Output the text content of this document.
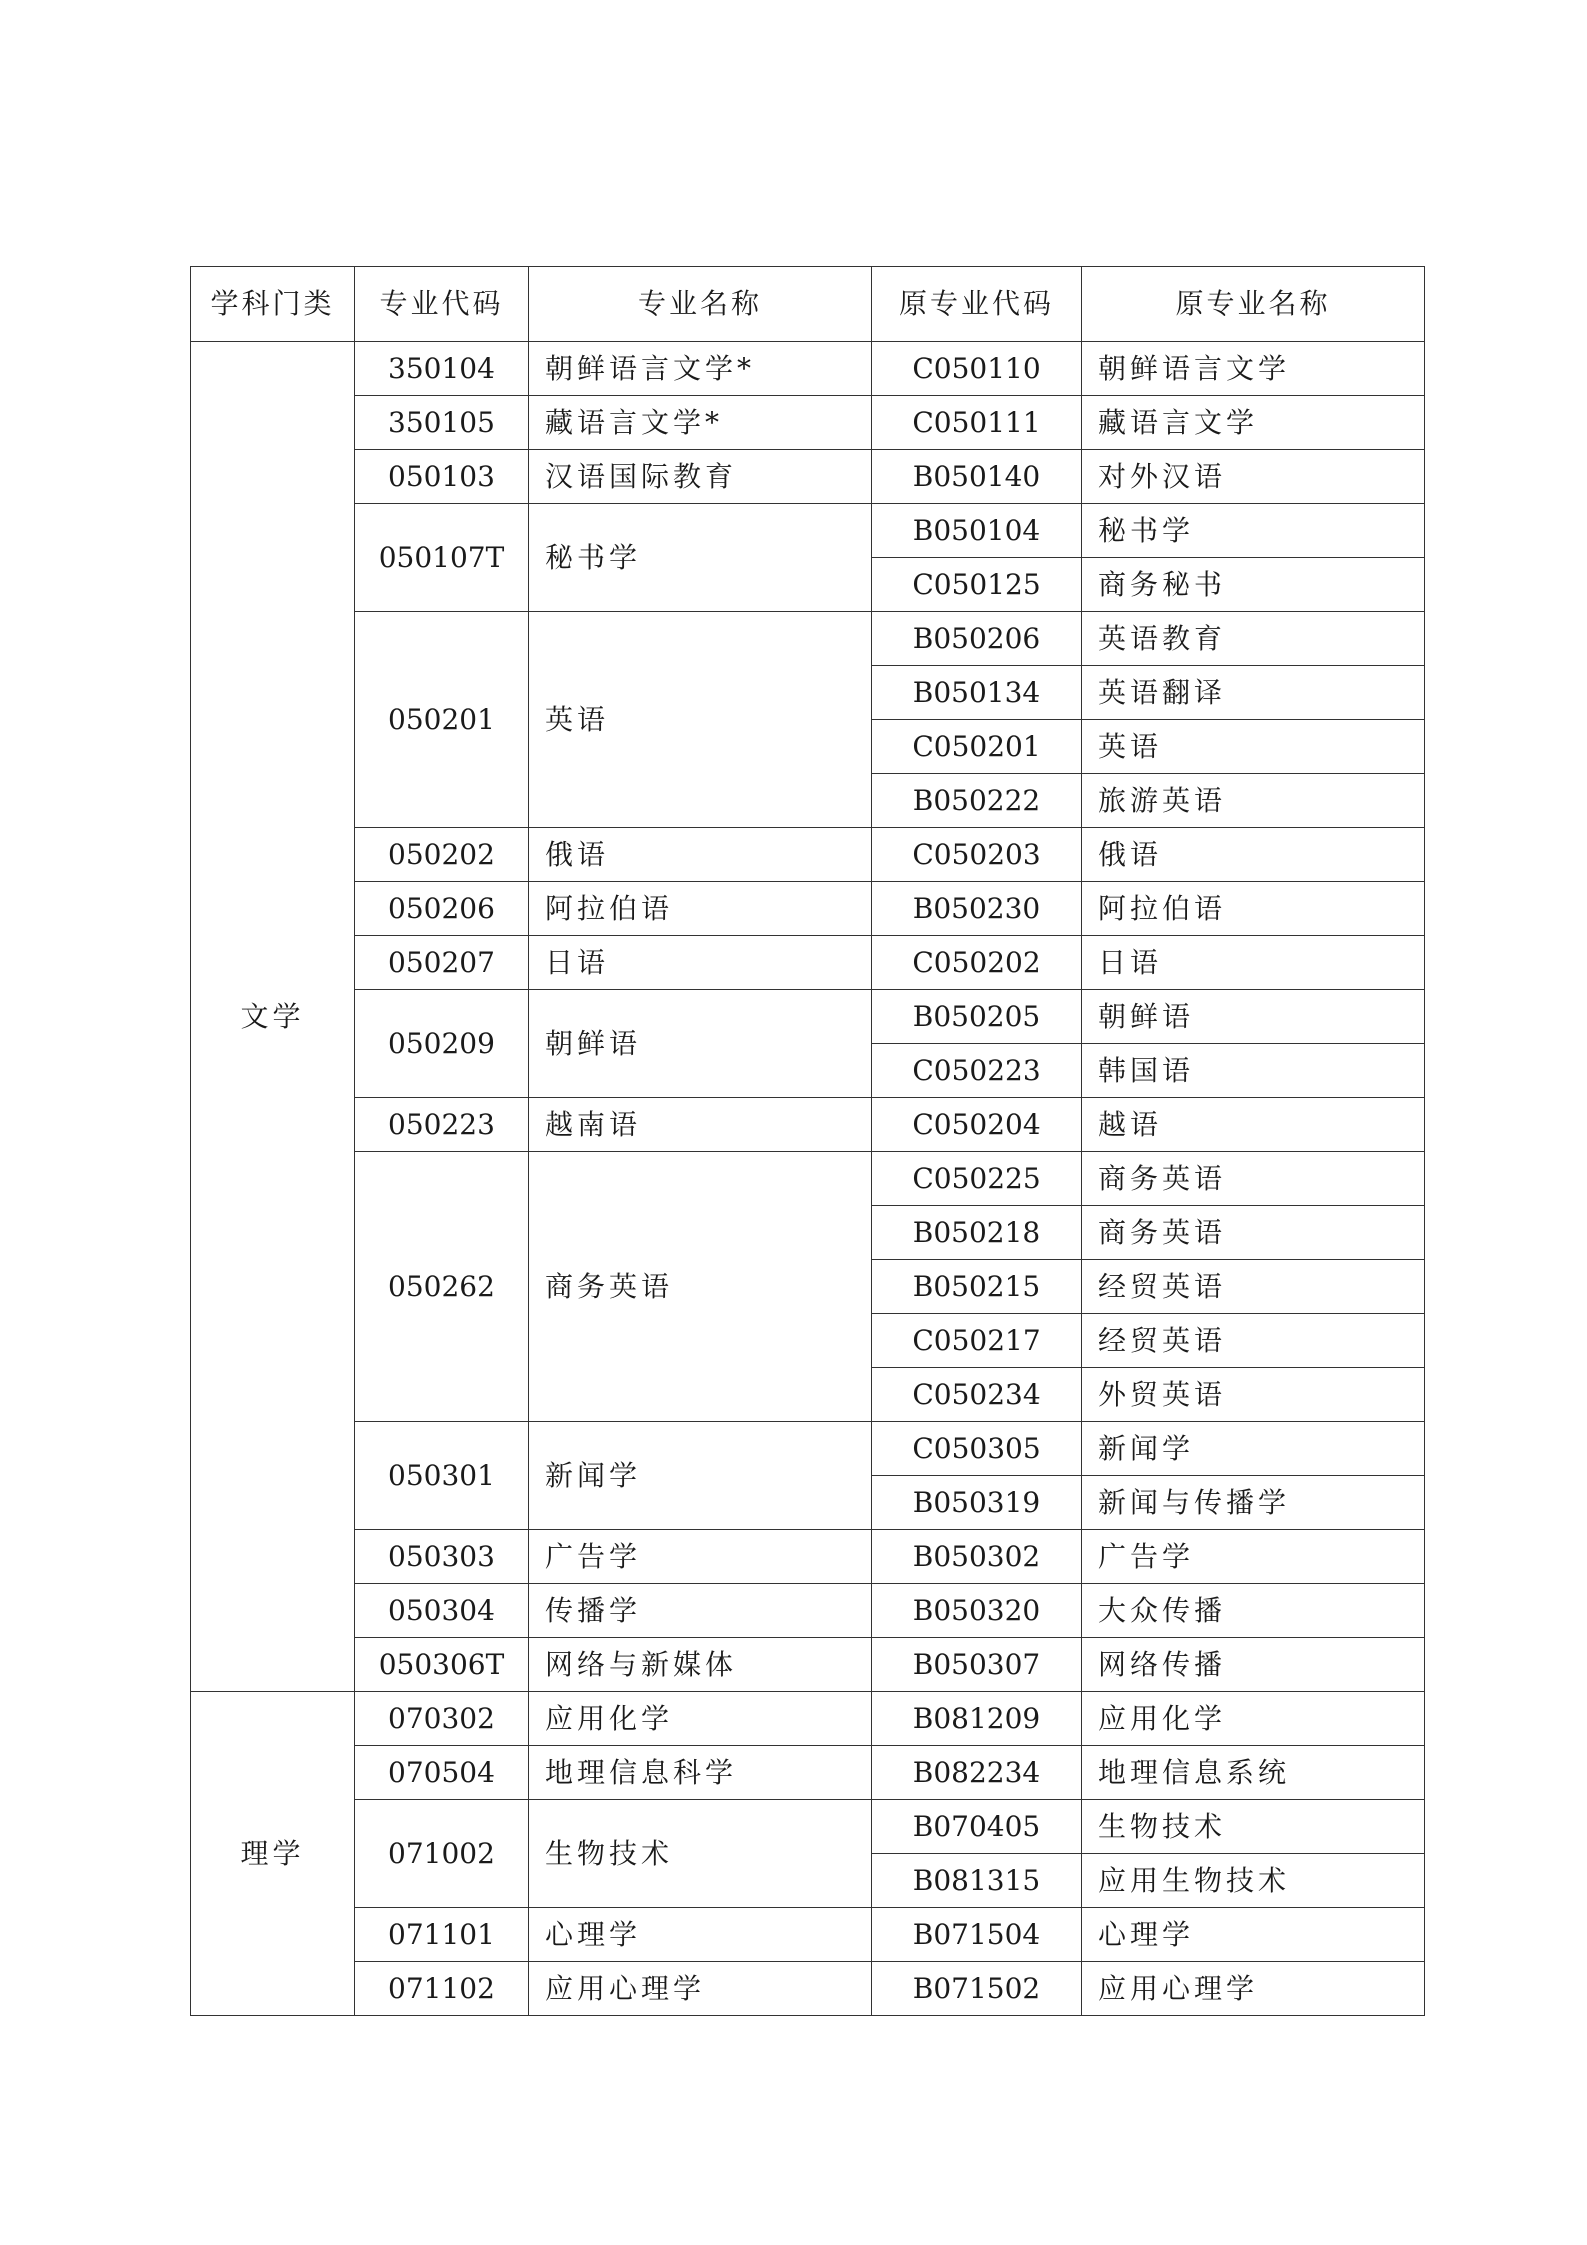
学科门类	专业代码	专业名称	原专业代码	原专业名称
文学	350104	朝鲜语言文学*	C050110	朝鲜语言文学
	350105	藏语言文学*	C050111	藏语言文学
	050103	汉语国际教育	B050140	对外汉语
	050107T	秘书学	B050104	秘书学
			C050125	商务秘书
	050201	英语	B050206	英语教育
			B050134	英语翻译
			C050201	英语
			B050222	旅游英语
	050202	俄语	C050203	俄语
	050206	阿拉伯语	B050230	阿拉伯语
	050207	日语	C050202	日语
	050209	朝鲜语	B050205	朝鲜语
			C050223	韩国语
	050223	越南语	C050204	越语
	050262	商务英语	C050225	商务英语
			B050218	商务英语
			B050215	经贸英语
			C050217	经贸英语
			C050234	外贸英语
	050301	新闻学	C050305	新闻学
			B050319	新闻与传播学
	050303	广告学	B050302	广告学
	050304	传播学	B050320	大众传播
	050306T	网络与新媒体	B050307	网络传播
理学	070302	应用化学	B081209	应用化学
	070504	地理信息科学	B082234	地理信息系统
	071002	生物技术	B070405	生物技术
			B081315	应用生物技术
	071101	心理学	B071504	心理学
	071102	应用心理学	B071502	应用心理学
